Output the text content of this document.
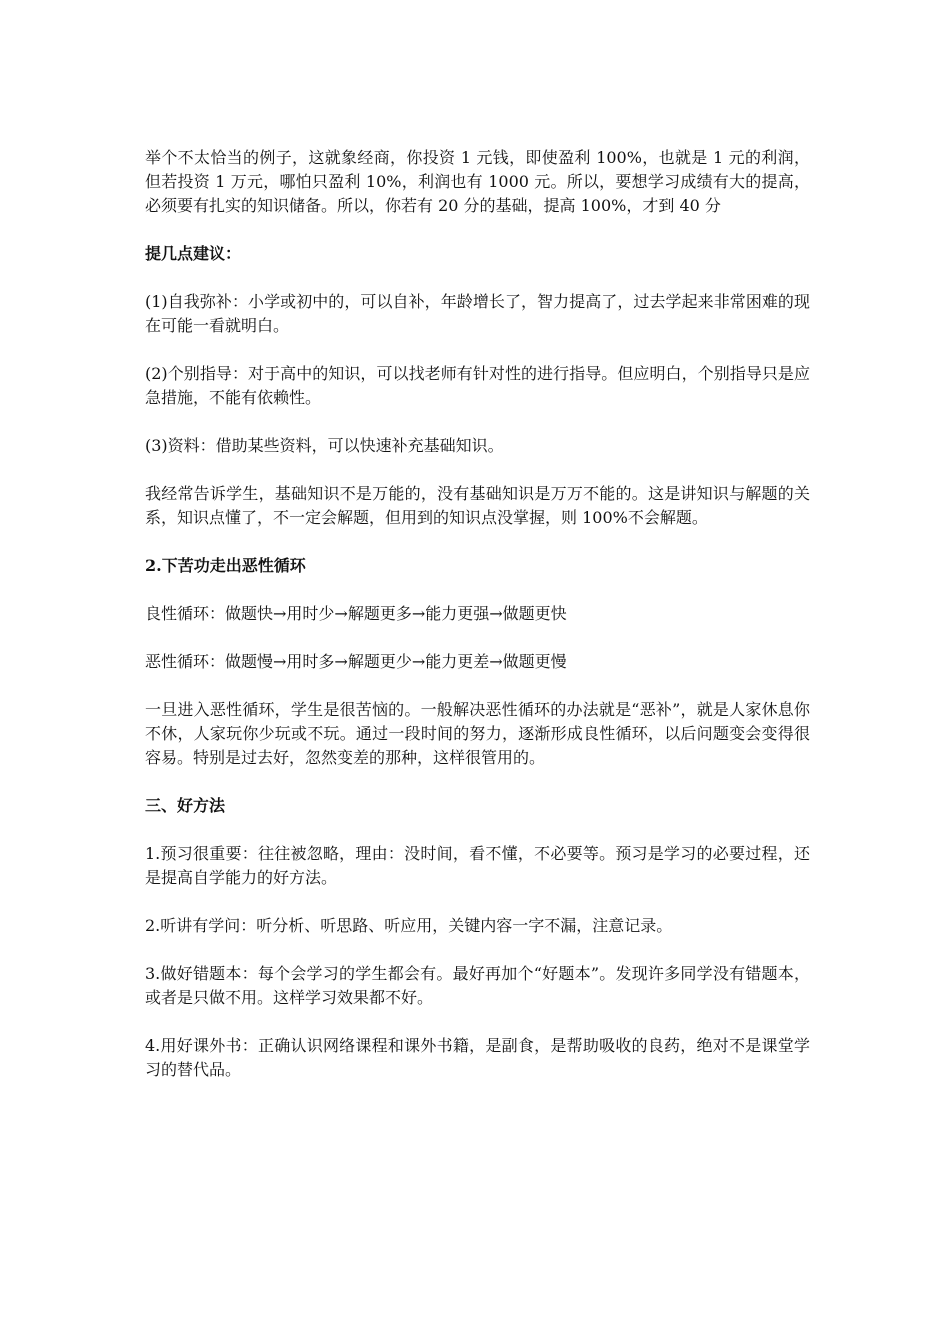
举个不太恰当的例子，这就象经商，你投资 1 元钱，即使盈利 100%，也就是 1 元的利润，但若投资 1 万元，哪怕只盈利 10%，利润也有 1000 元。所以，要想学习成绩有大的提高，必须要有扎实的知识储备。所以，你若有 20 分的基础，提高 100%，才到 40 分

提几点建议：

(1)自我弥补：小学或初中的，可以自补，年龄增长了，智力提高了，过去学起来非常困难的现在可能一看就明白。

(2)个别指导：对于高中的知识，可以找老师有针对性的进行指导。但应明白，个别指导只是应急措施，不能有依赖性。

(3)资料：借助某些资料，可以快速补充基础知识。

我经常告诉学生，基础知识不是万能的，没有基础知识是万万不能的。这是讲知识与解题的关系，知识点懂了，不一定会解题，但用到的知识点没掌握，则 100%不会解题。

2.下苦功走出恶性循环

良性循环：做题快→用时少→解题更多→能力更强→做题更快

恶性循环：做题慢→用时多→解题更少→能力更差→做题更慢

一旦进入恶性循环，学生是很苦恼的。一般解决恶性循环的办法就是“恶补”，就是人家休息你不休，人家玩你少玩或不玩。通过一段时间的努力，逐渐形成良性循环，以后问题变会变得很容易。特别是过去好，忽然变差的那种，这样很管用的。

三、好方法

1.预习很重要：往往被忽略，理由：没时间，看不懂，不必要等。预习是学习的必要过程，还是提高自学能力的好方法。

2.听讲有学问：听分析、听思路、听应用，关键内容一字不漏，注意记录。

3.做好错题本：每个会学习的学生都会有。最好再加个“好题本”。发现许多同学没有错题本，或者是只做不用。这样学习效果都不好。

4.用好课外书：正确认识网络课程和课外书籍，是副食，是帮助吸收的良药，绝对不是课堂学习的替代品。
